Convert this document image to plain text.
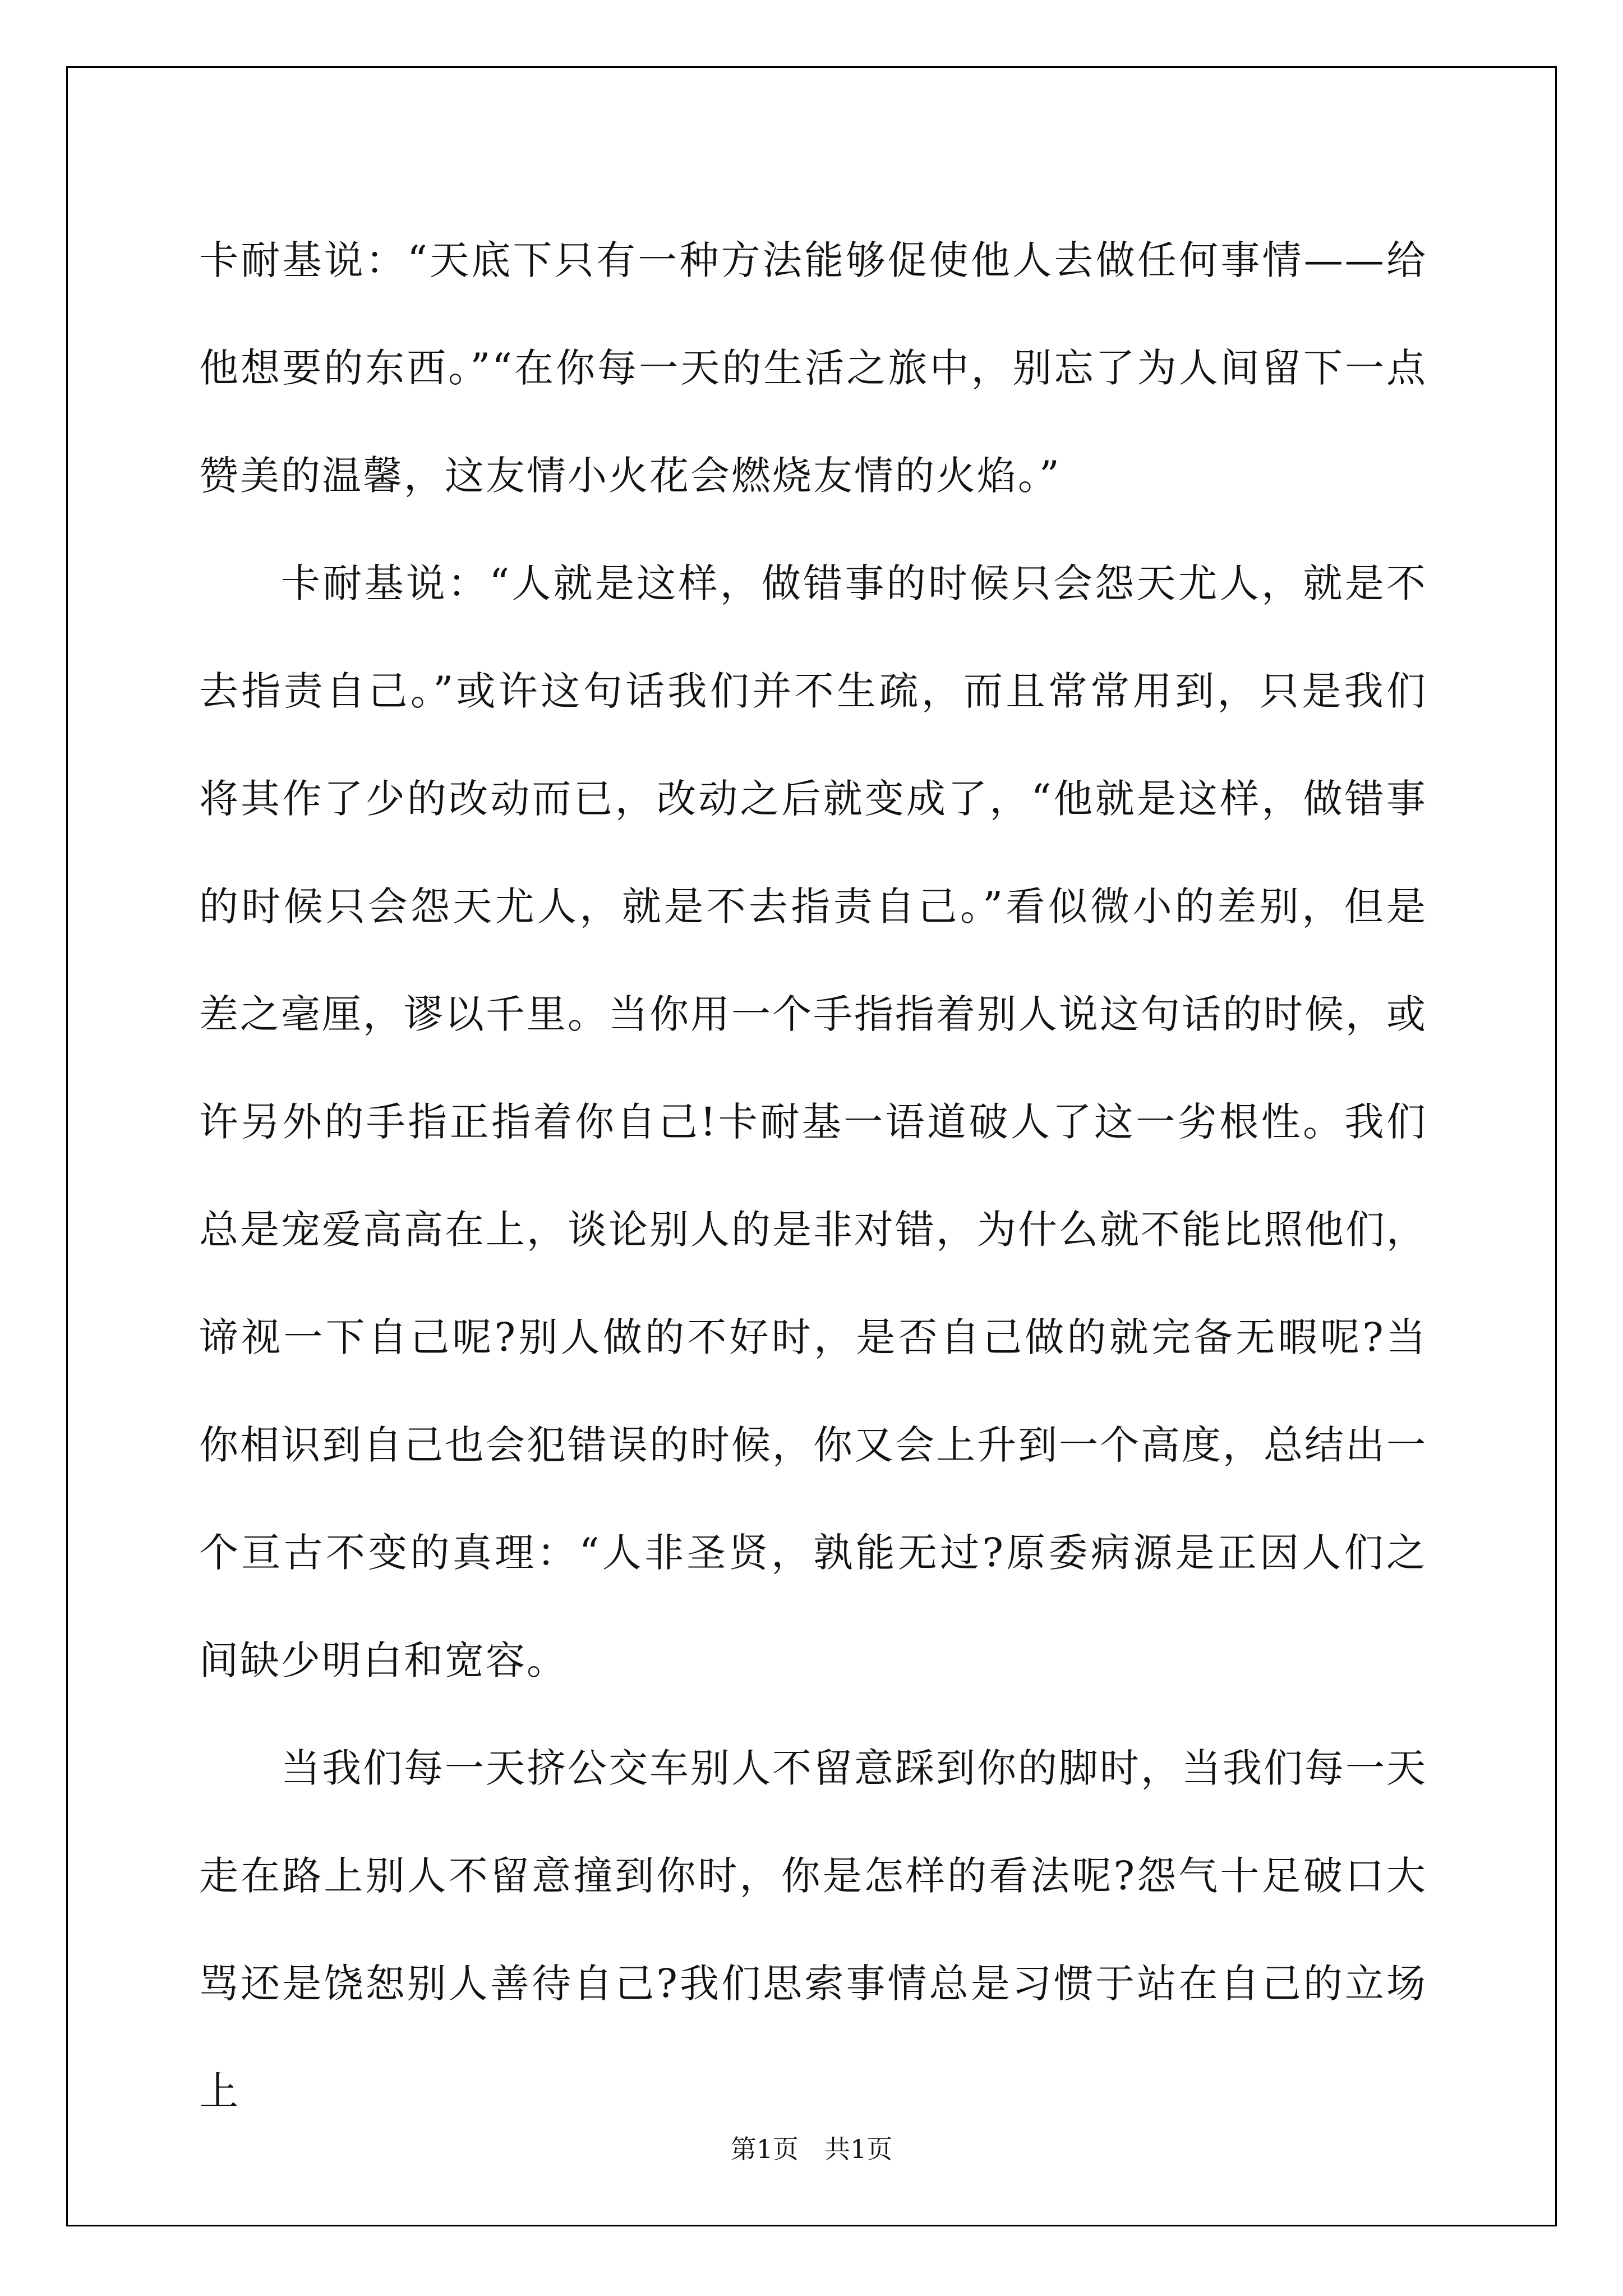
卡耐基说：“天底下只有一种方法能够促使他人去做任何事情——给他想要的东西。”“在你每一天的生活之旅中，别忘了为人间留下一点赞美的温馨，这友情小火花会燃烧友情的火焰。”

卡耐基说：“人就是这样，做错事的时候只会怨天尤人，就是不去指责自己。”或许这句话我们并不生疏，而且常常用到，只是我们将其作了少的改动而已，改动之后就变成了，“他就是这样，做错事的时候只会怨天尤人，就是不去指责自己。”看似微小的差别，但是差之毫厘，谬以千里。当你用一个手指指着别人说这句话的时候，或许另外的手指正指着你自己!卡耐基一语道破人了这一劣根性。我们总是宠爱高高在上，谈论别人的是非对错，为什么就不能比照他们，谛视一下自己呢?别人做的不好时，是否自己做的就完备无暇呢?当你相识到自己也会犯错误的时候，你又会上升到一个高度，总结出一个亘古不变的真理：“人非圣贤，孰能无过?原委病源是正因人们之间缺少明白和宽容。

当我们每一天挤公交车别人不留意踩到你的脚时，当我们每一天走在路上别人不留意撞到你时，你是怎样的看法呢?怨气十足破口大骂还是饶恕别人善待自己?我们思索事情总是习惯于站在自己的立场上

第1页 共1页
